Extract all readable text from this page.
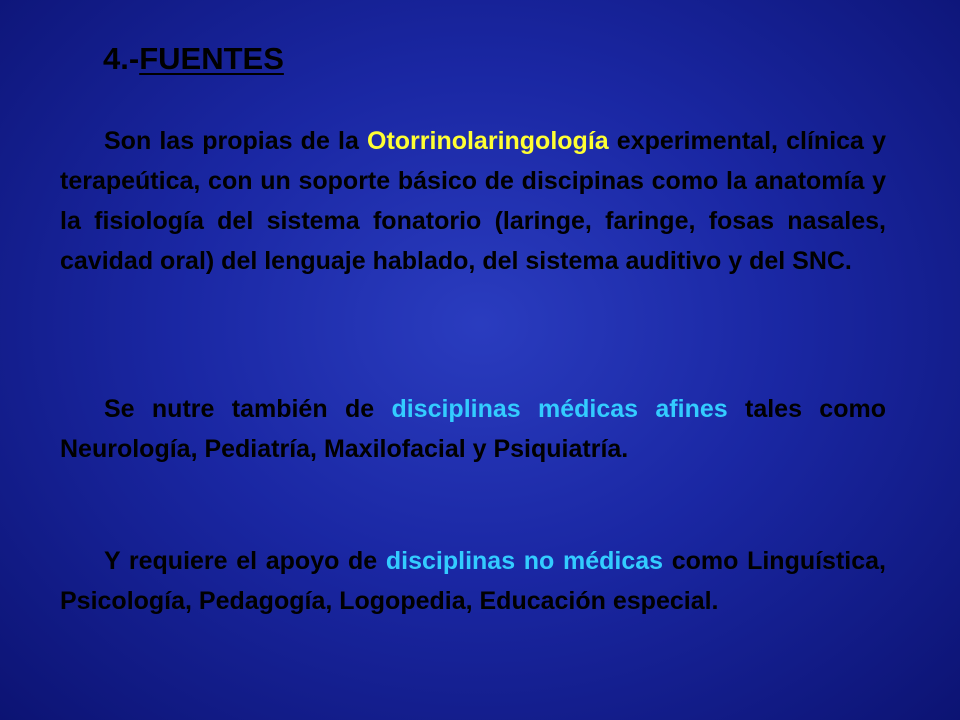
4.-FUENTES

Son las propias de la Otorrinolaringología experimental, clínica y terapeútica, con un soporte básico de discipinas como la anatomía y la fisiología del sistema fonatorio (laringe, faringe, fosas nasales, cavidad oral) del lenguaje hablado, del sistema auditivo y del SNC.

Se nutre también de disciplinas médicas afines tales como Neurología, Pediatría, Maxilofacial y Psiquiatría.

Y requiere el apoyo de disciplinas no médicas como Linguística, Psicología, Pedagogía, Logopedia, Educación especial.
